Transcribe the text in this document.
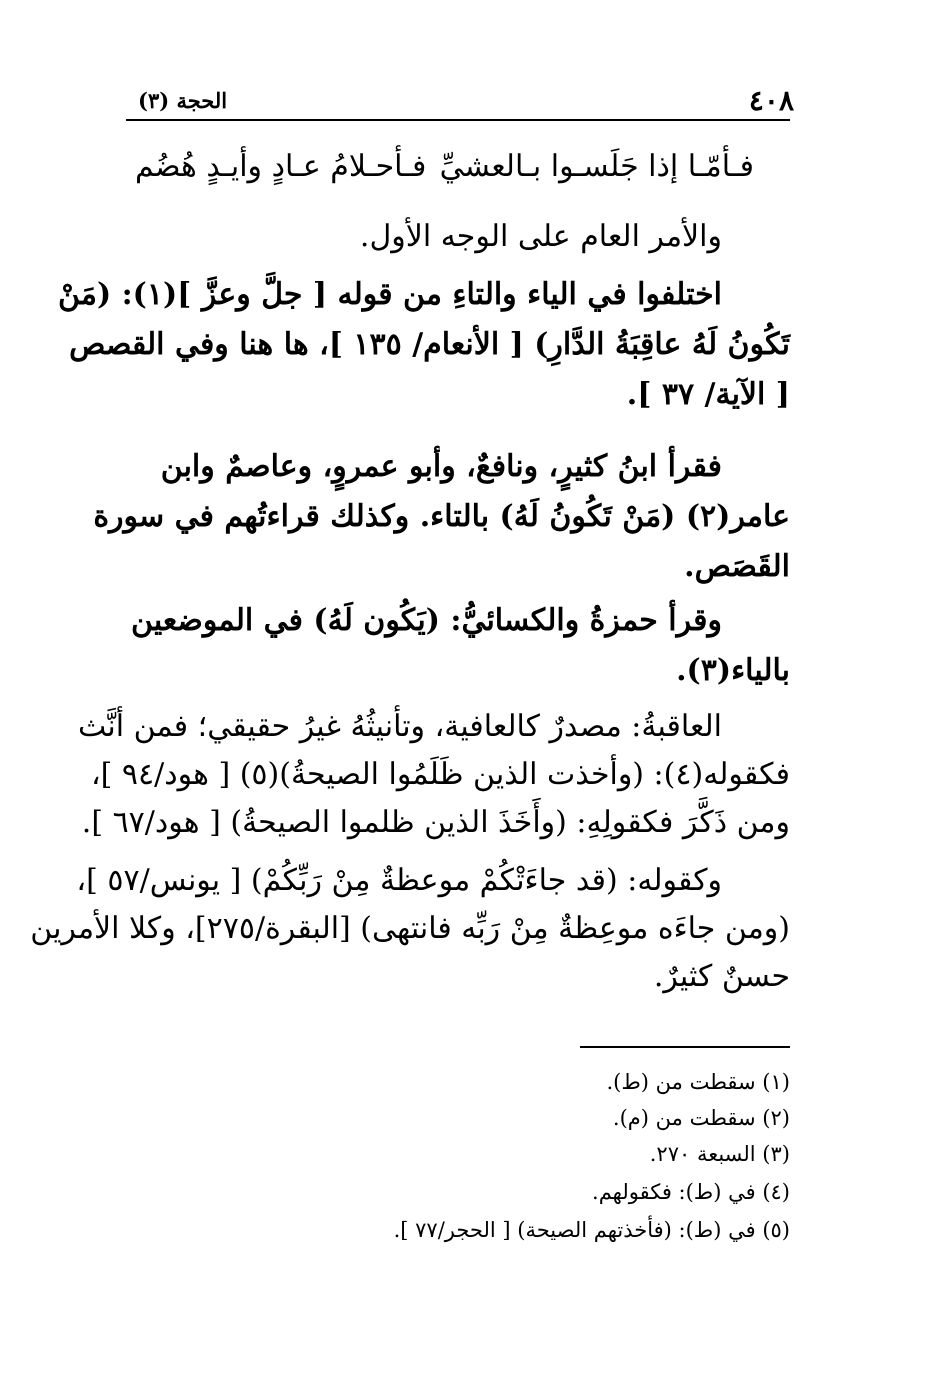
٤٠٨
الحجة (٣)
فـأمّـا إذا جَلَسـوا بـالعشيِّ
فـأحـلامُ عـادٍ وأيـدٍ هُضُم
والأمر العام على الوجه الأول.
اختلفوا في الياء والتاءِ من قوله [ جلَّ وعزَّ ](١): (مَنْ
تَكُونُ لَهُ عاقِبَةُ الدَّارِ) [ الأنعام/ ١٣٥ ]، ها هنا وفي القصص
[ الآية/ ٣٧ ].
فقرأ ابنُ كثيرٍ، ونافعٌ، وأبو عمروٍ، وعاصمٌ وابن
عامر(٢) (مَنْ تَكُونُ لَهُ) بالتاء. وكذلك قراءتُهم في سورة
القَصَص.
وقرأ حمزةُ والكسائيُّ: (يَكُون لَهُ) في الموضعين
بالياء(٣).
العاقبةُ: مصدرٌ كالعافية، وتأنيثُهُ غيرُ حقيقي؛ فمن أنَّث
فكقوله(٤): (وأخذت الذين ظَلَمُوا الصيحةُ)(٥) [ هود/٩٤ ]،
ومن ذَكَّرَ فكقولِهِ: (وأَخَذَ الذين ظلموا الصيحةُ) [ هود/٦٧ ].
وكقوله: (قد جاءَتْكُمْ موعظةٌ مِنْ رَبِّكُمْ) [ يونس/٥٧ ]،
(ومن جاءَه موعِظةٌ مِنْ رَبِّه فانتهى) [البقرة/٢٧٥]، وكلا الأمرين
حسنٌ كثيرٌ.
(١) سقطت من (ط).
(٢) سقطت من (م).
(٣) السبعة ٢٧٠.
(٤) في (ط): فكقولهم.
(٥) في (ط): (فأخذتهم الصيحة) [ الحجر/٧٧ ].
